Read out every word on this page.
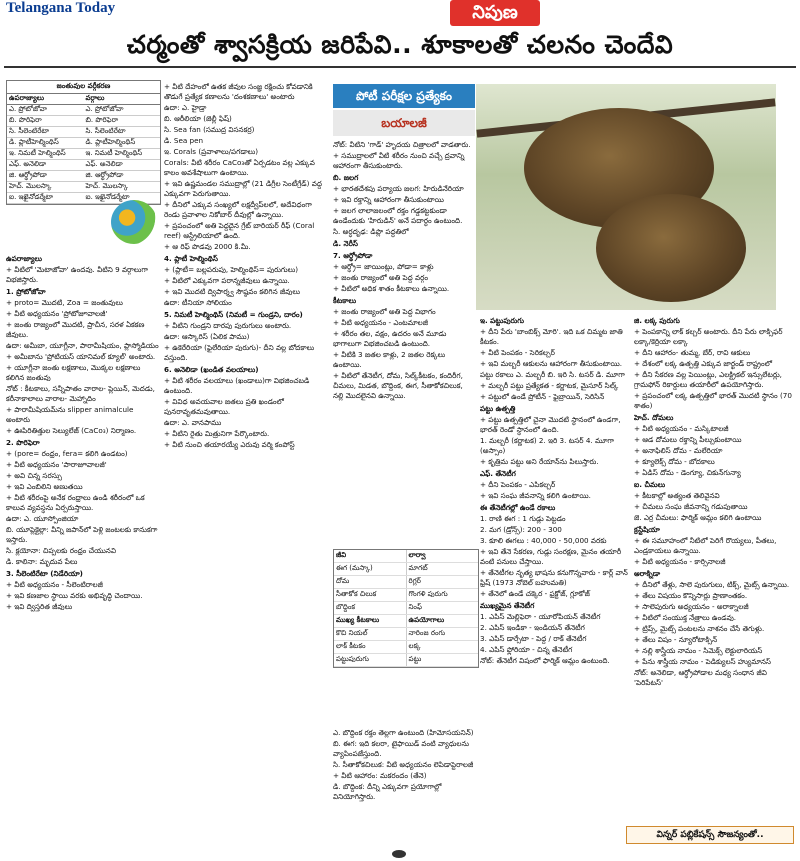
Telangana Today	నిపుణ
చర్మంతో శ్వాసక్రియ జరిపేవి.. శూకాలతో చలనం చెందేవి
జంతువుల వర్గీకరణ
ఉపరాజ్యాలు	వర్గాలు
ఎ. ప్రోటోజోవా	ఎ. ప్రోటోజోవా
బి. పొరిఫెరా	బి. పొరిఫెరా
సి. సీలెంటిరేటా	సి. సీలెంటిరేటా
డి. ప్లాటీహెల్మింథిస్	డి. ప్లాటీహెల్మింథిస్
ఇ. నిమటీ హెల్మింథిస్	ఇ. నిమటీ హెల్మింథిస్
ఎఫ్. అనెలిడా	ఎఫ్. అనెలిడా
జి. ఆర్థ్రోపోడా	జి. ఆర్థ్రోపోడా
హెచ్. మొలస్కా	హెచ్. మొలస్కా
ఐ. ఇఖైనోడర్మేటా	ఐ. ఇఖైనోడర్మేటా

ఉపరాజ్యాలు

+ వీటిలో 'మెటాజోవా' ఉందవు. వీటిని 9 వర్గాలుగా విభజిస్తారు.

1. ప్రోటోజోవా

+ proto= మొదటి, Zoa = జంతువులు

+ వీటి అధ్యయనం 'ప్రోటోజూవాలజీ'

+ జంతు రాజ్యంలో మొదటి, ప్రాచీన, సరళ ఏకకణ జీవులు.

ఉదా: అమీబా, యూగ్లీనా, పారామీషియం, ప్లాస్మోడియం

+ అమీబాను 'ప్రోటియస్ యానిమల్ క్యూల్' అంటారు.

+ యూగ్లీనా జంతు లక్షణాలు, మొక్కల లక్షణాలు కలిగిన జంతువు

నోట్ : కీటకాలు, సన్నీపాతం వారాల- ప్లెయిన్, మెదడు, కరీనాకాలాలు వారాల- మెహ్నాదిం

+ పారామీషియమ్‌ను slipper animalcule అంటారు

+ ఊపిరితిత్తుల సెల్యులేజ్ (CaCo₃) నిర్మాణం.

2. పొరిఫెరా

+ (pore= రంధ్రం, fera= కలిగి ఉండటం)

+ వీటి అధ్యయనం 'పారాజూవాలజీ'

+ అవి చిన్న సరస్సు

+ ఇవి ఎంబిలిని అణుతయి

+ వీటి శరీరంపై అనేక రంధ్రాలు ఉండి శరీరంలో ఒక కాలువ వ్యవస్థను ఏర్పరుస్తాయి.

ఉదా: ఎ. యూస్పోంజియా

బి. యూప్లెక్టెల్లా: వీన్ని జపాన్‌లో పెళ్లి జంటలకు కానుకగా ఇస్తారు.

సి. క్లయోనా: చిప్పలకు రంధ్రం చేయునవి

డి. కాలినా: మృదువ పేలు

3. సీలెంటిరేటా (నిడేరియా)

+ వీటి అధ్యయనం - సీలెంటిరాలజీ

+ ఇవి కణజాల స్థాయి వరకు అభివృద్ధి చెందాయి.

+ ఇవి ద్విస్తరిత జీవులు

+ వీటి దేహంలో ఉతక జీవుల సంజ్ఞ రక్షించు కోవడానికి తొడుగే ప్రత్యేక కణాలను 'దంశకణాలు' అంటారు

ఉదా: ఎ. హైడ్రా

బి. ఆరీలియా (జెల్లీ ఫిష్)

సి. Sea fan (సముద్ర విసనకర్ర)

డి. Sea pen

ఇ. Corals (ప్రవాళాలు/పగడాలు)

Corals: వీటి శరీరం CaCo₃తో ఏర్పడటం వల్ల ఎక్కువ కాలం అవశేషాలుగా ఉంటాయి.

+ ఇవి ఉష్ణమండల సముద్రాల్లో (21 డిగ్రీల సెంటీగ్రేడ్) వద్ద ఎక్కువగా పెరుగుతాయి.

+ దీనిలో ఎక్కువ సంఖ్యలో లక్షద్వీప్‌లలో, అదేవిధంగా రెండు ప్రవాళాల నికోబార్ దీవుల్లో ఉన్నాయి.

+ ప్రపంచంలో అతి పెద్దదైన గ్రేట్ బారియర్ రీఫ్ (Coral reef) ఆస్ట్రేలియాలో ఉంది.

+ ఆ రిఫ్ పొడవు 2000 కి.మీ.

4. ప్లాటీ హెల్మింథిస్

+ (ప్లాటీ= బల్లపరుపు, హెల్మింథిస్= పురుగులు)

+ వీటిలో ఎక్కువగా పరాన్నజీవులు ఉన్నాయి.

+ ఇవి మొదటి ద్విపార్శ్వ సౌష్ఠవం కలిగిన జీవులు

ఉదా: టీనియా సోలియం

5. నిమటీ హెల్మింథిస్ (నిమటీ = గుండ్రని, దారం)

+ వీటిని గుండ్రని దారపు పురుగులు అంటారు.

ఉదా: ఆస్కారిస్ (ఏలిక పాము)

+ ఉకెరేరియా (ఫైలేరియా పురుగు)- దీని వల్ల బోదకాలు వస్తుంది.

6. అనెలిడా (ఖండిత వలయాలు)

+ వీటి శరీరం వలయాలు (ఖండాలు)గా విభజించబడి ఉంటుంది.

+ వివిధ అవయవాల జతలు ప్రతి ఖండంలో పునరావృతమవుతాయి.

ఉదా: ఎ. వానపాము

+ వీటిని రైతు మిత్రునిగా పేర్కొంటారు.

+ వీటి నుంచి తయారయ్యే ఎరువు వర్మి కంపోస్ట్

పోటీ పరీక్షల ప్రత్యేకం
బయాలజీ

నోట్: వీటిని 'గాడ్' హృదయ చిత్రాలలో వాడతారు.

+ సముద్రాలలో వీటి శరీరం నుంచి వచ్చే ద్రవాన్ని ఆహారంగా తీసుకుంటారు.

బి. జలగ

+ భారతదేశపు పర్యాయ జలగ: హిరుడినేరియా

+ ఇవి రక్తాన్ని ఆహారంగా తీసుకుంటాయి

+ జలగ లాలాజలంలో రక్తం గడ్డకట్టకుండా ఉండేందుకు 'హిరుడిన్' అనే పదార్థం ఉంటుంది.

సి. అర్ధదృఢ: డిప్లొ పద్ధతిలో

డి. నెరీస్

7. ఆర్థ్రోపోడా

+ ఆర్థ్రో= జాయింట్లు, పోడా= కాళ్లు

+ జంతు రాజ్యంలో అతి పెద్ద వర్గం

+ వీటిలో అధిక శాతం కీటకాలు ఉన్నాయి.

కీటకాలు

+ జంతు రాజ్యంలో అతి పెద్ద విభాగం

+ వీటి అధ్యయనం - ఎంటమాలజీ

+ శరీరం తల, వక్షం, ఉదరం అనే మూడు భాగాలుగా విభజించబడి ఉంటుంది.

+ వీటికి 3 జతల కాళ్లు, 2 జతల రెక్కలు ఉంటాయి.

+ వీటిలో తేనెటీగ, దోమ, సిల్క్‌కీటకం, కందిరీగ, చీమలు, మిడత, బొద్దింక, ఈగ, సీతాకోకచిలుక, నల్లి మొదలైనవి ఉన్నాయి.

జీవి	లార్వా
ఈగ (మస్కా)	మాగట్
దోమ	రిగ్లర్
సీతాకోక చిలుక	గొంగళి పురుగు
బొద్దింక	నింఫ్
ముఖ్య కీటకాలు	ఉపయోగాలు
కొచి నియల్	నారింజ రంగు
లాక్ కీటకం	లక్క
పట్టుపురుగు	పట్టు

ఎ. బొద్దింక రక్తం తెల్లగా ఉంటుంది (హిమోసయనిన్)

బి. ఈగ: ఇది కలరా, టైఫాయిడ్ వంటి వ్యాధులను వ్యాపింపజేస్తుంది.

సి. సీతాకోకచిలుక: వీటి అధ్యయనం లెపిడాప్టెరాలజీ

+ వీటి ఆహారం: మకరందం (తేనె)

డి. బొద్దింక: దీన్ని ఎక్కువగా ప్రయోగాల్లో వినియోగిస్తారు.

ఇ. పట్టుపురుగు

+ దీని పేరు 'బాంబిక్స్ మోరి'. ఇది ఒక చిమ్మట జాతి కీటకం.

+ వీటి పెంపకం - సెరికల్చర్

+ ఇవి మల్బరీ ఆకులను ఆహారంగా తీసుకుంటాయి.

పట్టు రకాలు ఎ. మల్బరీ బి. ఇరి సి. టసర్ డి. మూగా

+ మల్బరీ పట్టు ప్రత్యేకత - కర్ణాటక, మైసూర్ సిల్క్

+ పట్టులో ఉండే ప్రోటీన్ - ఫైబ్రాయిన్, సెరిసిన్

పట్టు ఉత్పత్తి

+ పట్టు ఉత్పత్తిలో చైనా మొదటి స్థానంలో ఉండగా, భారత్ రెండో స్థానంలో ఉంది.

1. మల్బరీ (కర్ణాటక) 2. ఇరి 3. టసర్ 4. మూగా (అస్సాం)

+ కృత్రిమ పట్టు అని రేయాన్‌ను పిలుస్తారు.

ఎఫ్. తేనెటీగ

+ దీని పెంపకం - ఎపికల్చర్

+ ఇవి సంఘ జీవనాన్ని కలిగి ఉంటాయి.

ఈ తేనెటీగల్లో ఉండే రకాలు

1. రాణి ఈగ : 1 గుడ్లు పెట్టడం

2. మగ (డ్రోన్స్): 200 - 300

3. కూలి ఈగలు : 40,000 - 50,000 వరకు

+ ఇవి తేనె సేకరణ, గుడ్లు సంరక్షణ, మైనం తయారీ వంటి పనులు చేస్తాయి.

+ తేనెటీగల నృత్య భాషను కనుగొన్నవారు - కార్ల్ వాన్ ఫ్రిష్ (1973 నోబెల్ బహుమతి)

+ తేనెలో ఉండే చక్కెర - ఫ్రక్టోజ్, గ్లూకోజ్

ముఖ్యమైన తేనెటీగ

1. ఎపిస్ మెల్లిఫెరా - యూరోపియన్ తేనెటీగ

2. ఎపిస్ ఇండికా - ఇండియన్ తేనెటీగ

3. ఎపిస్ డార్సేటా - పెద్ద / రాక్ తేనెటీగ

4. ఎపిస్ ఫ్లోరియా - చిన్న తేనెటీగ

నోట్: తేనెటీగ విషంలో ఫార్మిక్ ఆమ్లం ఉంటుంది.

జి. లక్క పురుగు

+ పెంపకాన్ని లాక్ కల్చర్ అంటారు. దీని పేరు లాక్సిఫర్ లక్కా/కెర్రియా లక్కా

+ దీని ఆహారం- తుమ్మ, బేర్, రావి ఆకులు

+ దేశంలో లక్క ఉత్పత్తి ఎక్కువ జార్ఖండ్ రాష్ట్రంలో

+ దీని సేకరణ వల్ల పెయింట్లు, ఎలక్ట్రికల్ ఇన్సులేటర్లు, గ్రామఫోన్ రికార్డులు తయారీలో ఉపయోగిస్తారు.

+ ప్రపంచంలో లక్క ఉత్పత్తిలో భారత్ మొదటి స్థానం (70 శాతం)

హెచ్. దోమలు

+ వీటి అధ్యయనం - మస్కిటాలజీ

+ ఆడ దోమలు రక్తాన్ని పీల్చుకుంటాయి

+ అనాఫిలిస్ దోమ - మలేరియా

+ క్యూలెక్స్ దోమ - బోదకాలు

+ ఏడిస్ దోమ - డెంగ్యూ, చికున్‌గున్యా

ఐ. చీమలు

+ కీటకాల్లో అత్యంత తెలివైనవి

+ చీమలు సంఘ జీవనాన్ని గడుపుతాయి

జె. ఎర్ర చీమలు: ఫార్మిక్ ఆమ్లం కలిగి ఉంటాయి

క్రస్టేషియా

+ ఈ సమూహంలో నీటిలో పెరిగే రొయ్యలు, పీతలు, ఎండ్రకాయలు ఉన్నాయి.

+ వీటి అధ్యయనం - కార్సినాలజీ

అరాక్నిడా

+ దీనిలో తేళ్లు, సాలె పురుగులు, టిక్స్, మైట్స్ ఉన్నాయి.

+ తేలు విషయం కొన్నిసార్లు ప్రాణాంతకం.

+ సాలెపురుగు అధ్యయనం - అరాక్నాలజీ

+ వీటిలో సంయుక్త నేత్రాలు ఉండవు.

+ ట్రిప్స్, మైట్స్ పంటలను నాశనం చేసే తెగుళ్లు.

+ తేలు విషం - న్యూరోటాక్సిన్

+ నల్లి శాస్త్రీయ నామం - సిమెక్స్ లెక్టులారియస్

+ పేను శాస్త్రీయ నామం - పెడిక్యులస్ హ్యుమానస్

నోట్: అనెలిడా, ఆర్థ్రోపోడాల మధ్య సంధాన జీవి 'పెరిపేటస్'

విన్నర్ పబ్లికేషన్స్ సౌజన్యంతో..
